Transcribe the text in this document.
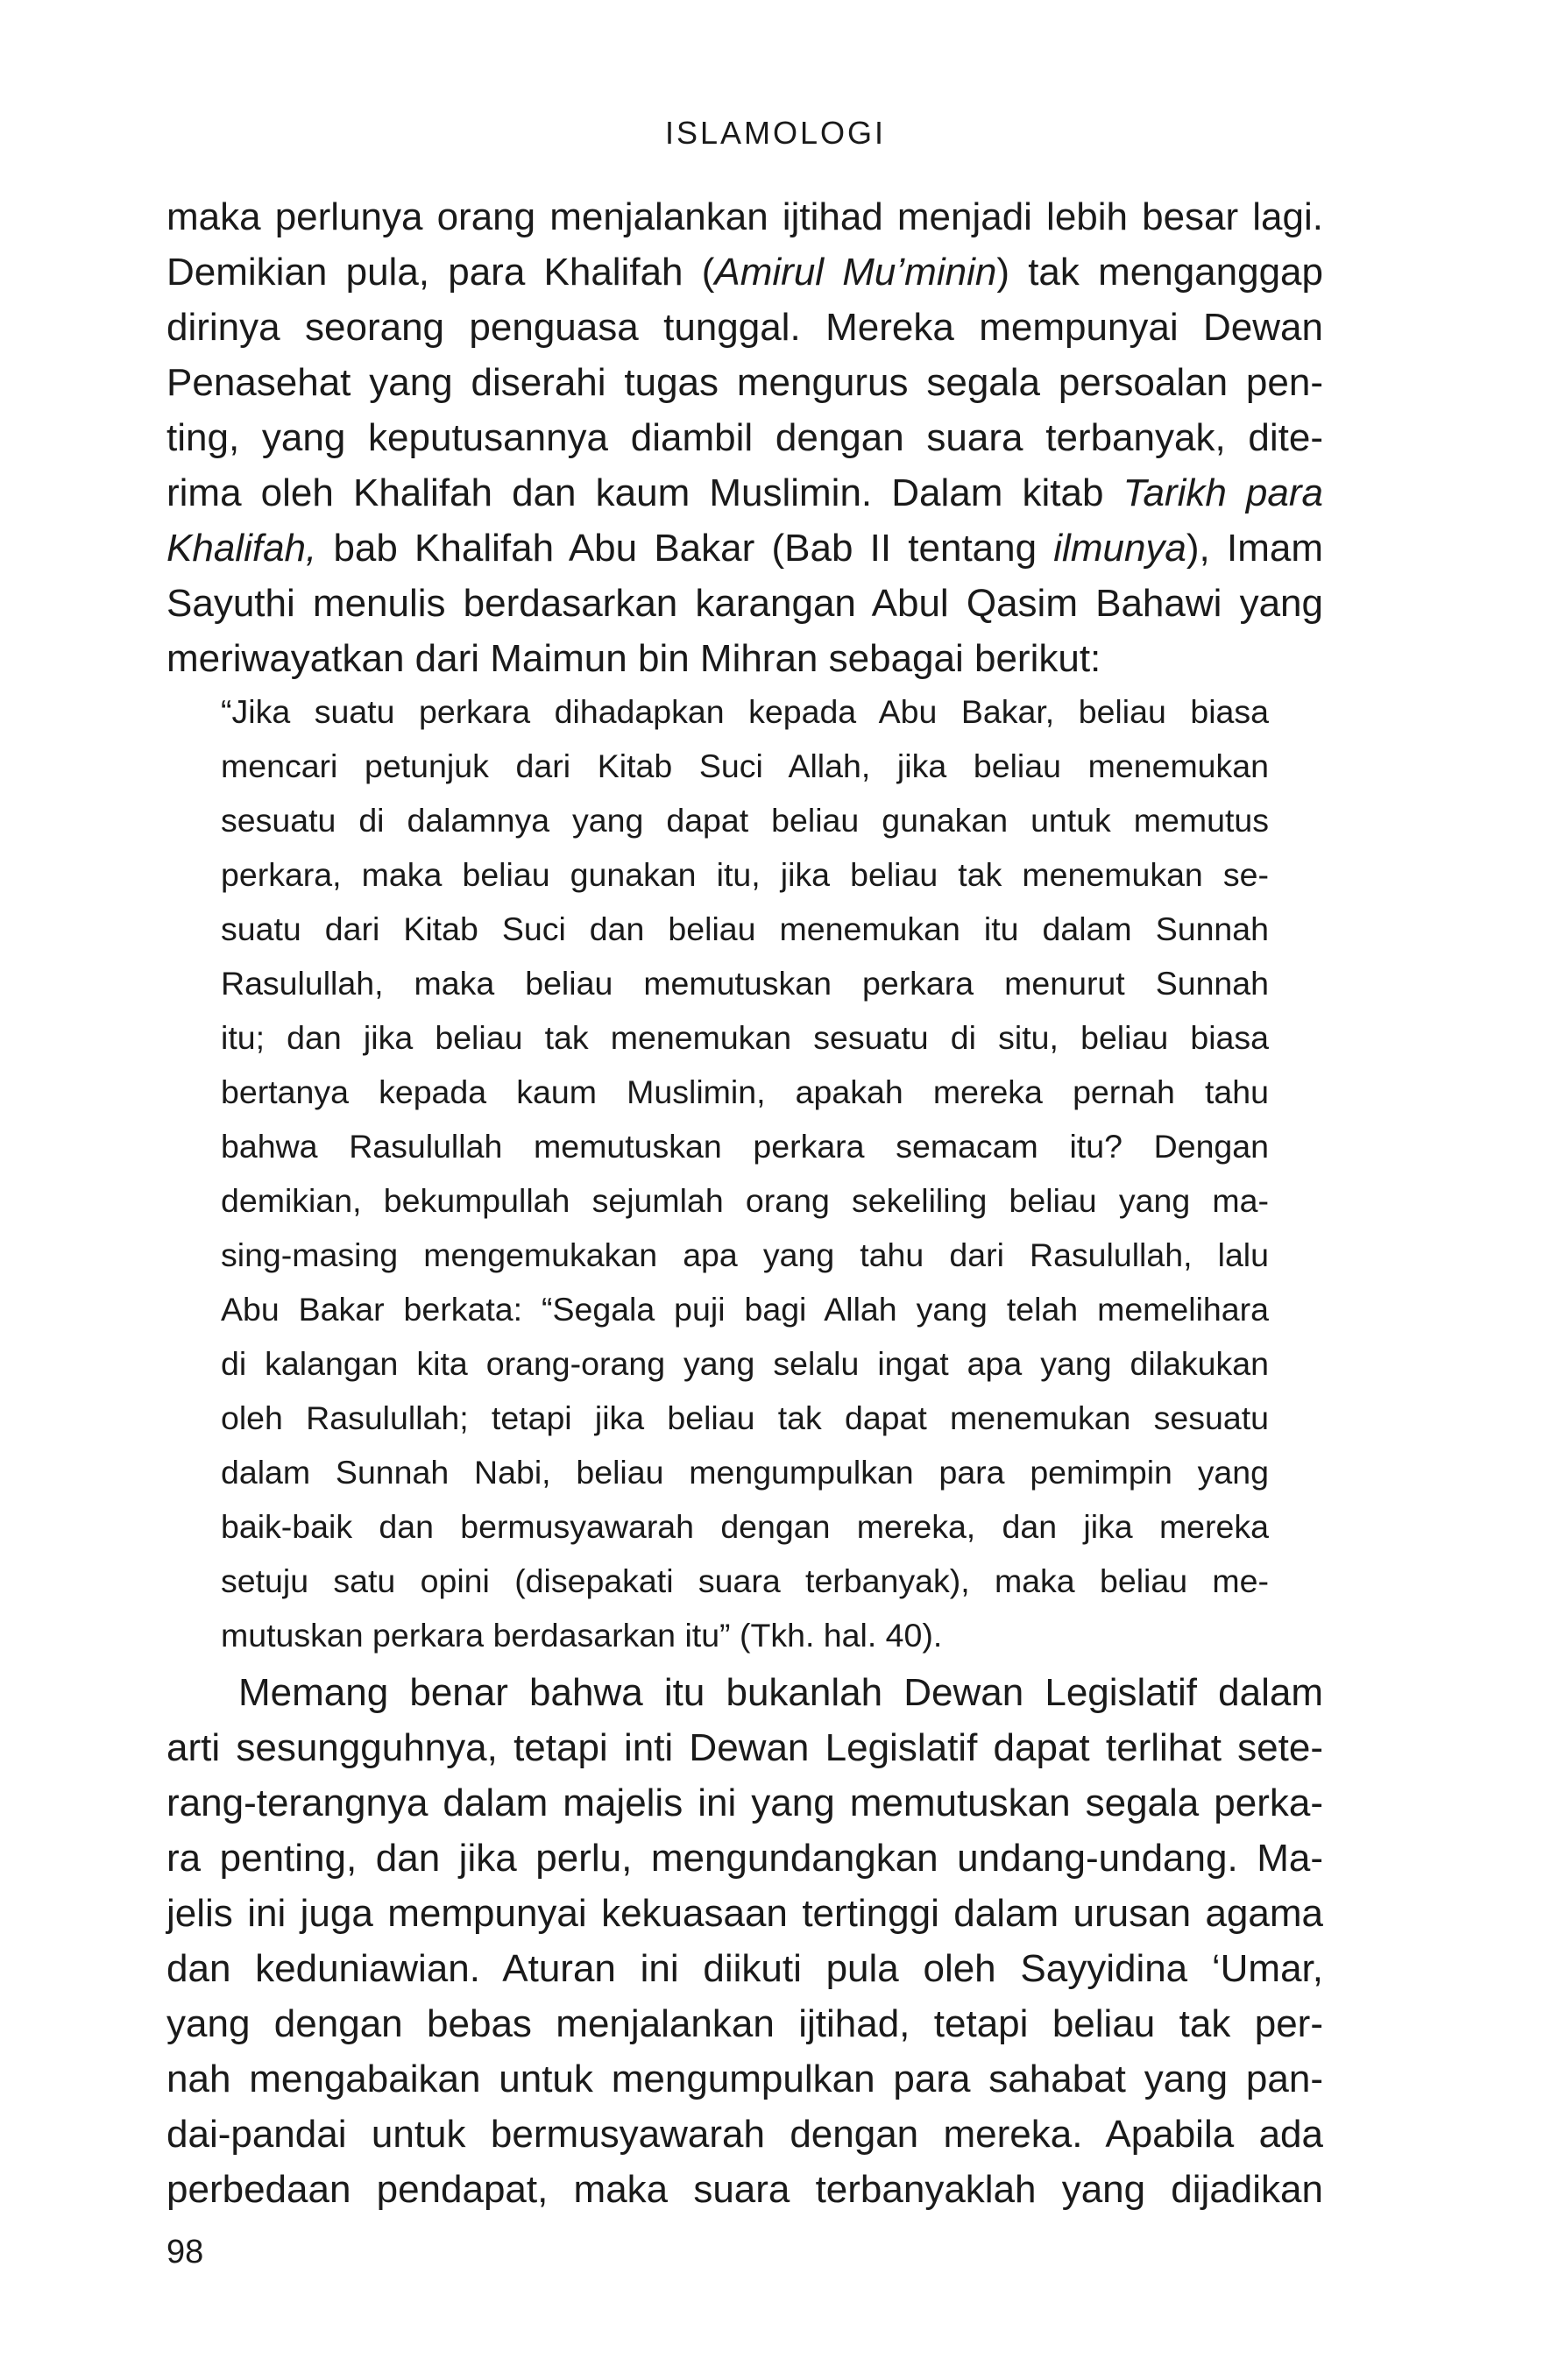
ISLAMOLOGI
maka perlunya orang menjalankan ijtihad menjadi lebih besar lagi.
Demikian pula, para Khalifah (Amirul Mu’minin) tak menganggap
dirinya seorang penguasa tunggal. Mereka mempunyai Dewan
Penasehat yang diserahi tugas mengurus segala persoalan pen-
ting, yang keputusannya diambil dengan suara terbanyak, dite-
rima oleh Khalifah dan kaum Muslimin. Dalam kitab Tarikh para
Khalifah, bab Khalifah Abu Bakar (Bab II tentang ilmunya), Imam
Sayuthi menulis berdasarkan karangan Abul Qasim Bahawi yang
meriwayatkan dari Maimun bin Mihran sebagai berikut:
“Jika suatu perkara dihadapkan kepada Abu Bakar, beliau biasa
mencari petunjuk dari Kitab Suci Allah, jika beliau menemukan
sesuatu di dalamnya yang dapat beliau gunakan untuk memutus
perkara, maka beliau gunakan itu, jika beliau tak menemukan se-
suatu dari Kitab Suci dan beliau menemukan itu dalam Sunnah
Rasulullah, maka beliau memutuskan perkara menurut Sunnah
itu; dan jika beliau tak menemukan sesuatu di situ, beliau biasa
bertanya kepada kaum Muslimin, apakah mereka pernah tahu
bahwa Rasulullah memutuskan perkara semacam itu? Dengan
demikian, bekumpullah sejumlah orang sekeliling beliau yang ma-
sing-masing mengemukakan apa yang tahu dari Rasulullah, lalu
Abu Bakar berkata: “Segala puji bagi Allah yang telah memelihara
di kalangan kita orang-orang yang selalu ingat apa yang dilakukan
oleh Rasulullah; tetapi jika beliau tak dapat menemukan sesuatu
dalam Sunnah Nabi, beliau mengumpulkan para pemimpin yang
baik-baik dan bermusyawarah dengan mereka, dan jika mereka
setuju satu opini (disepakati suara terbanyak), maka beliau me-
mutuskan perkara berdasarkan itu” (Tkh. hal. 40).
Memang benar bahwa itu bukanlah Dewan Legislatif dalam
arti sesungguhnya, tetapi inti Dewan Legislatif dapat terlihat sete-
rang-terangnya dalam majelis ini yang memutuskan segala perka-
ra penting, dan jika perlu, mengundangkan undang-undang. Ma-
jelis ini juga mempunyai kekuasaan tertinggi dalam urusan agama
dan keduniawian. Aturan ini diikuti pula oleh Sayyidina ‘Umar,
yang dengan bebas menjalankan ijtihad, tetapi beliau tak per-
nah mengabaikan untuk mengumpulkan para sahabat yang pan-
dai-pandai untuk bermusyawarah dengan mereka. Apabila ada
perbedaan pendapat, maka suara terbanyaklah yang dijadikan
98
